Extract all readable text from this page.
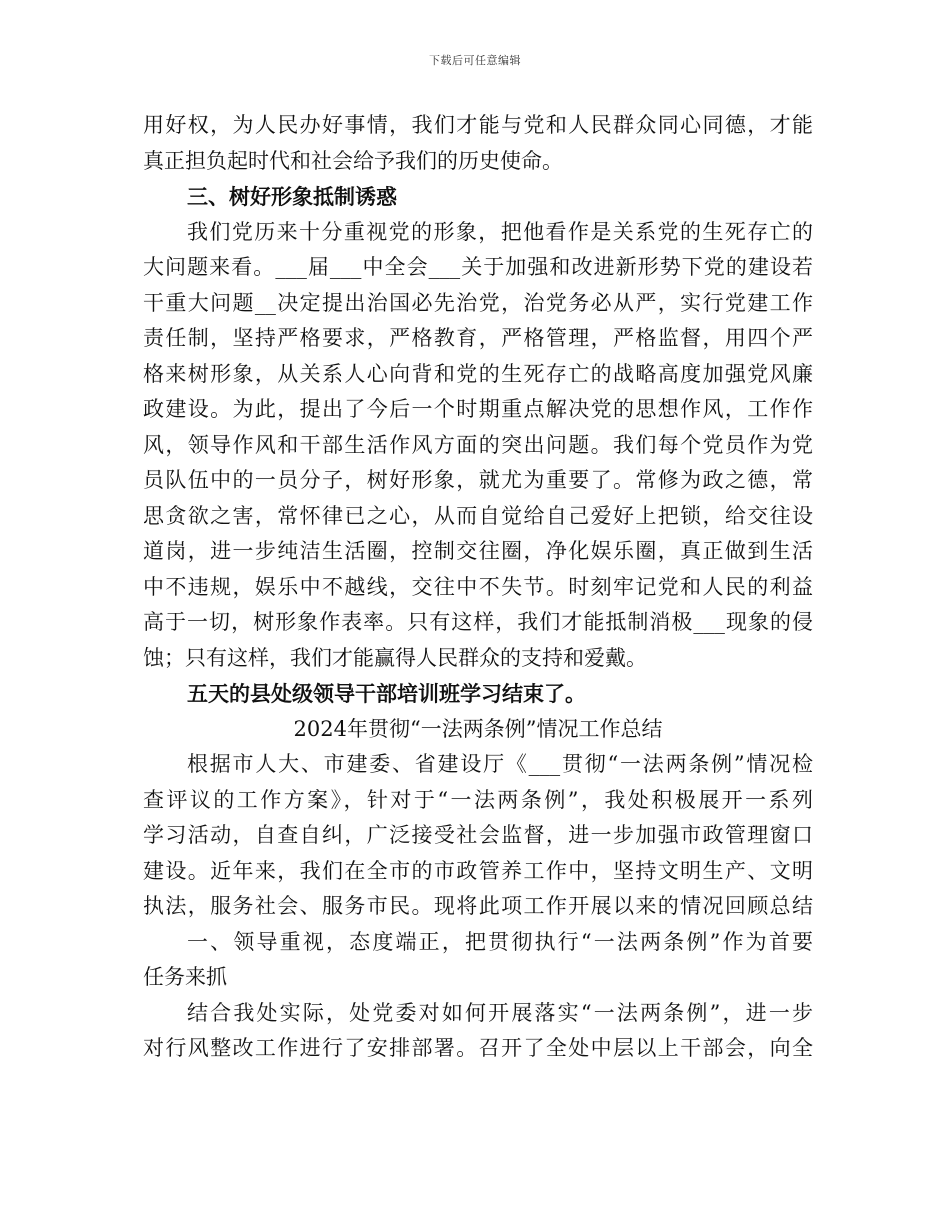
下载后可任意编辑
用好权，为人民办好事情，我们才能与党和人民群众同心同德，才能
真正担负起时代和社会给予我们的历史使命。
三、树好形象抵制诱惑
我们党历来十分重视党的形象，把他看作是关系党的生死存亡的
大问题来看。___届___中全会___关于加强和改进新形势下党的建设若
干重大问题__决定提出治国必先治党，治党务必从严，实行党建工作
责任制，坚持严格要求，严格教育，严格管理，严格监督，用四个严
格来树形象，从关系人心向背和党的生死存亡的战略高度加强党风廉
政建设。为此，提出了今后一个时期重点解决党的思想作风，工作作
风，领导作风和干部生活作风方面的突出问题。我们每个党员作为党
员队伍中的一员分子，树好形象，就尤为重要了。常修为政之德，常
思贪欲之害，常怀律已之心，从而自觉给自己爱好上把锁，给交往设
道岗，进一步纯洁生活圈，控制交往圈，净化娱乐圈，真正做到生活
中不违规，娱乐中不越线，交往中不失节。时刻牢记党和人民的利益
高于一切，树形象作表率。只有这样，我们才能抵制消极___现象的侵
蚀；只有这样，我们才能赢得人民群众的支持和爱戴。
五天的县处级领导干部培训班学习结束了。
2024年贯彻“一法两条例”情况工作总结
根据市人大、市建委、省建设厅《___贯彻“一法两条例”情况检
查评议的工作方案》，针对于“一法两条例”，我处积极展开一系列
学习活动，自查自纠，广泛接受社会监督，进一步加强市政管理窗口
建设。近年来，我们在全市的市政管养工作中，坚持文明生产、文明
执法，服务社会、服务市民。现将此项工作开展以来的情况回顾总结
一、领导重视，态度端正，把贯彻执行“一法两条例”作为首要
任务来抓
结合我处实际，处党委对如何开展落实“一法两条例”，进一步
对行风整改工作进行了安排部署。召开了全处中层以上干部会，向全
